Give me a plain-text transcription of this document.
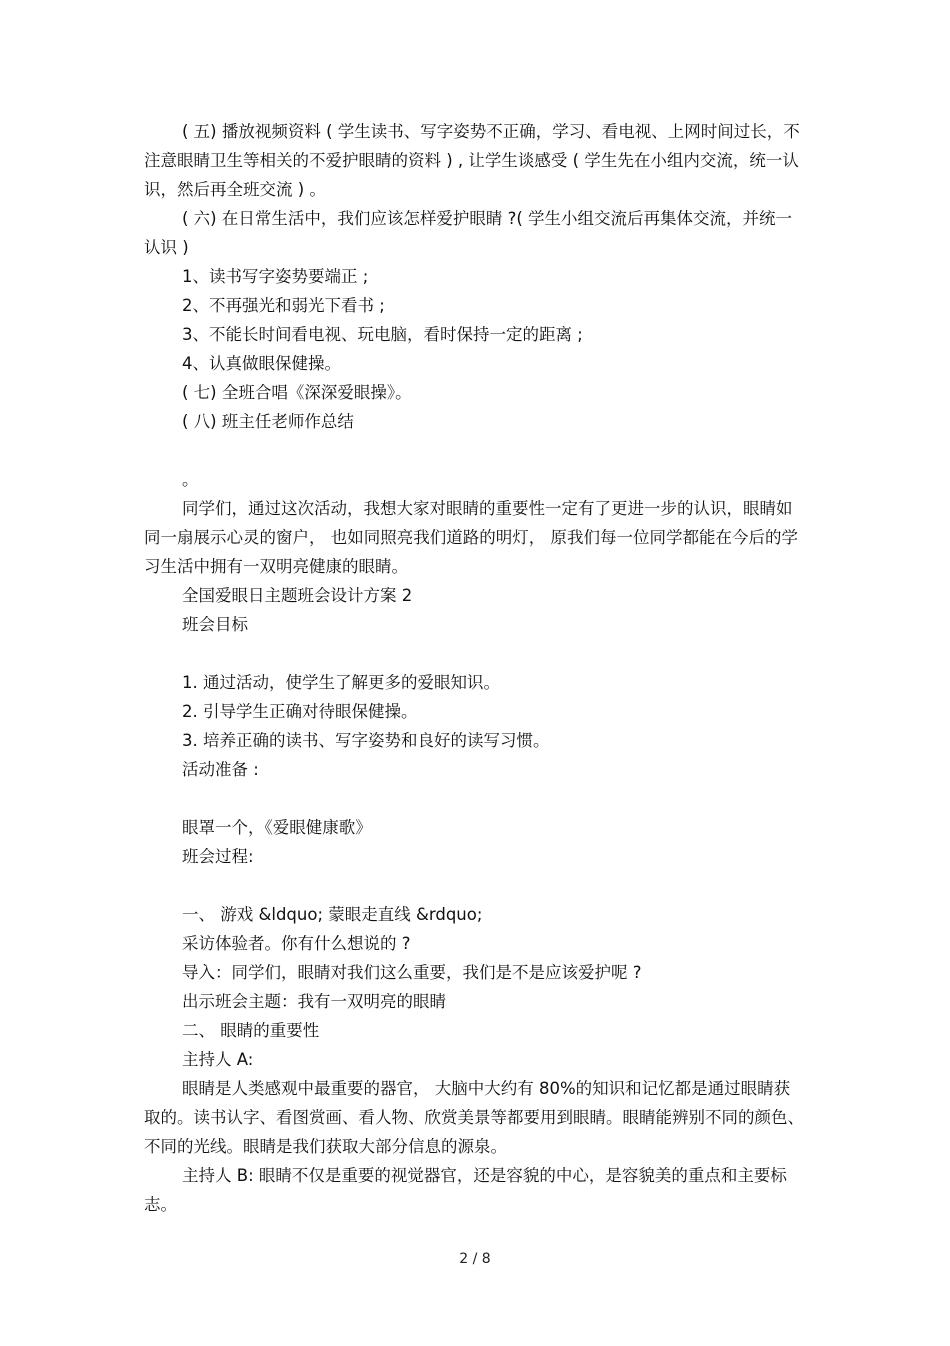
( 五) 播放视频资料 ( 学生读书、写字姿势不正确，学习、看电视、上网时间过长，不注意眼睛卫生等相关的不爱护眼睛的资料 ) , 让学生谈感受 ( 学生先在小组内交流，统一认识，然后再全班交流 ) 。

( 六) 在日常生活中，我们应该怎样爱护眼睛 ?( 学生小组交流后再集体交流，并统一认识 )

1、读书写字姿势要端正 ;

2、不再强光和弱光下看书 ;

3、不能长时间看电视、玩电脑，看时保持一定的距离 ;

4、认真做眼保健操。

( 七) 全班合唱《深深爱眼操》。

( 八) 班主任老师作总结

。

同学们，通过这次活动，我想大家对眼睛的重要性一定有了更进一步的认识，眼睛如同一扇展示心灵的窗户， 也如同照亮我们道路的明灯， 原我们每一位同学都能在今后的学习生活中拥有一双明亮健康的眼睛。

全国爱眼日主题班会设计方案 2

班会目标

1. 通过活动，使学生了解更多的爱眼知识。

2. 引导学生正确对待眼保健操。

3. 培养正确的读书、写字姿势和良好的读写习惯。

活动准备 :

眼罩一个，《爱眼健康歌》

班会过程:

一、 游戏 &ldquo; 蒙眼走直线 &rdquo;

采访体验者。你有什么想说的 ?

导入：同学们，眼睛对我们这么重要，我们是不是应该爱护呢 ?

出示班会主题：我有一双明亮的眼睛

二、 眼睛的重要性

主持人 A:

眼睛是人类感观中最重要的器官， 大脑中大约有 80%的知识和记忆都是通过眼睛获取的。读书认字、看图赏画、看人物、欣赏美景等都要用到眼睛。眼睛能辨别不同的颜色、不同的光线。眼睛是我们获取大部分信息的源泉。

主持人 B: 眼睛不仅是重要的视觉器官，还是容貌的中心，是容貌美的重点和主要标志。

2 / 8
